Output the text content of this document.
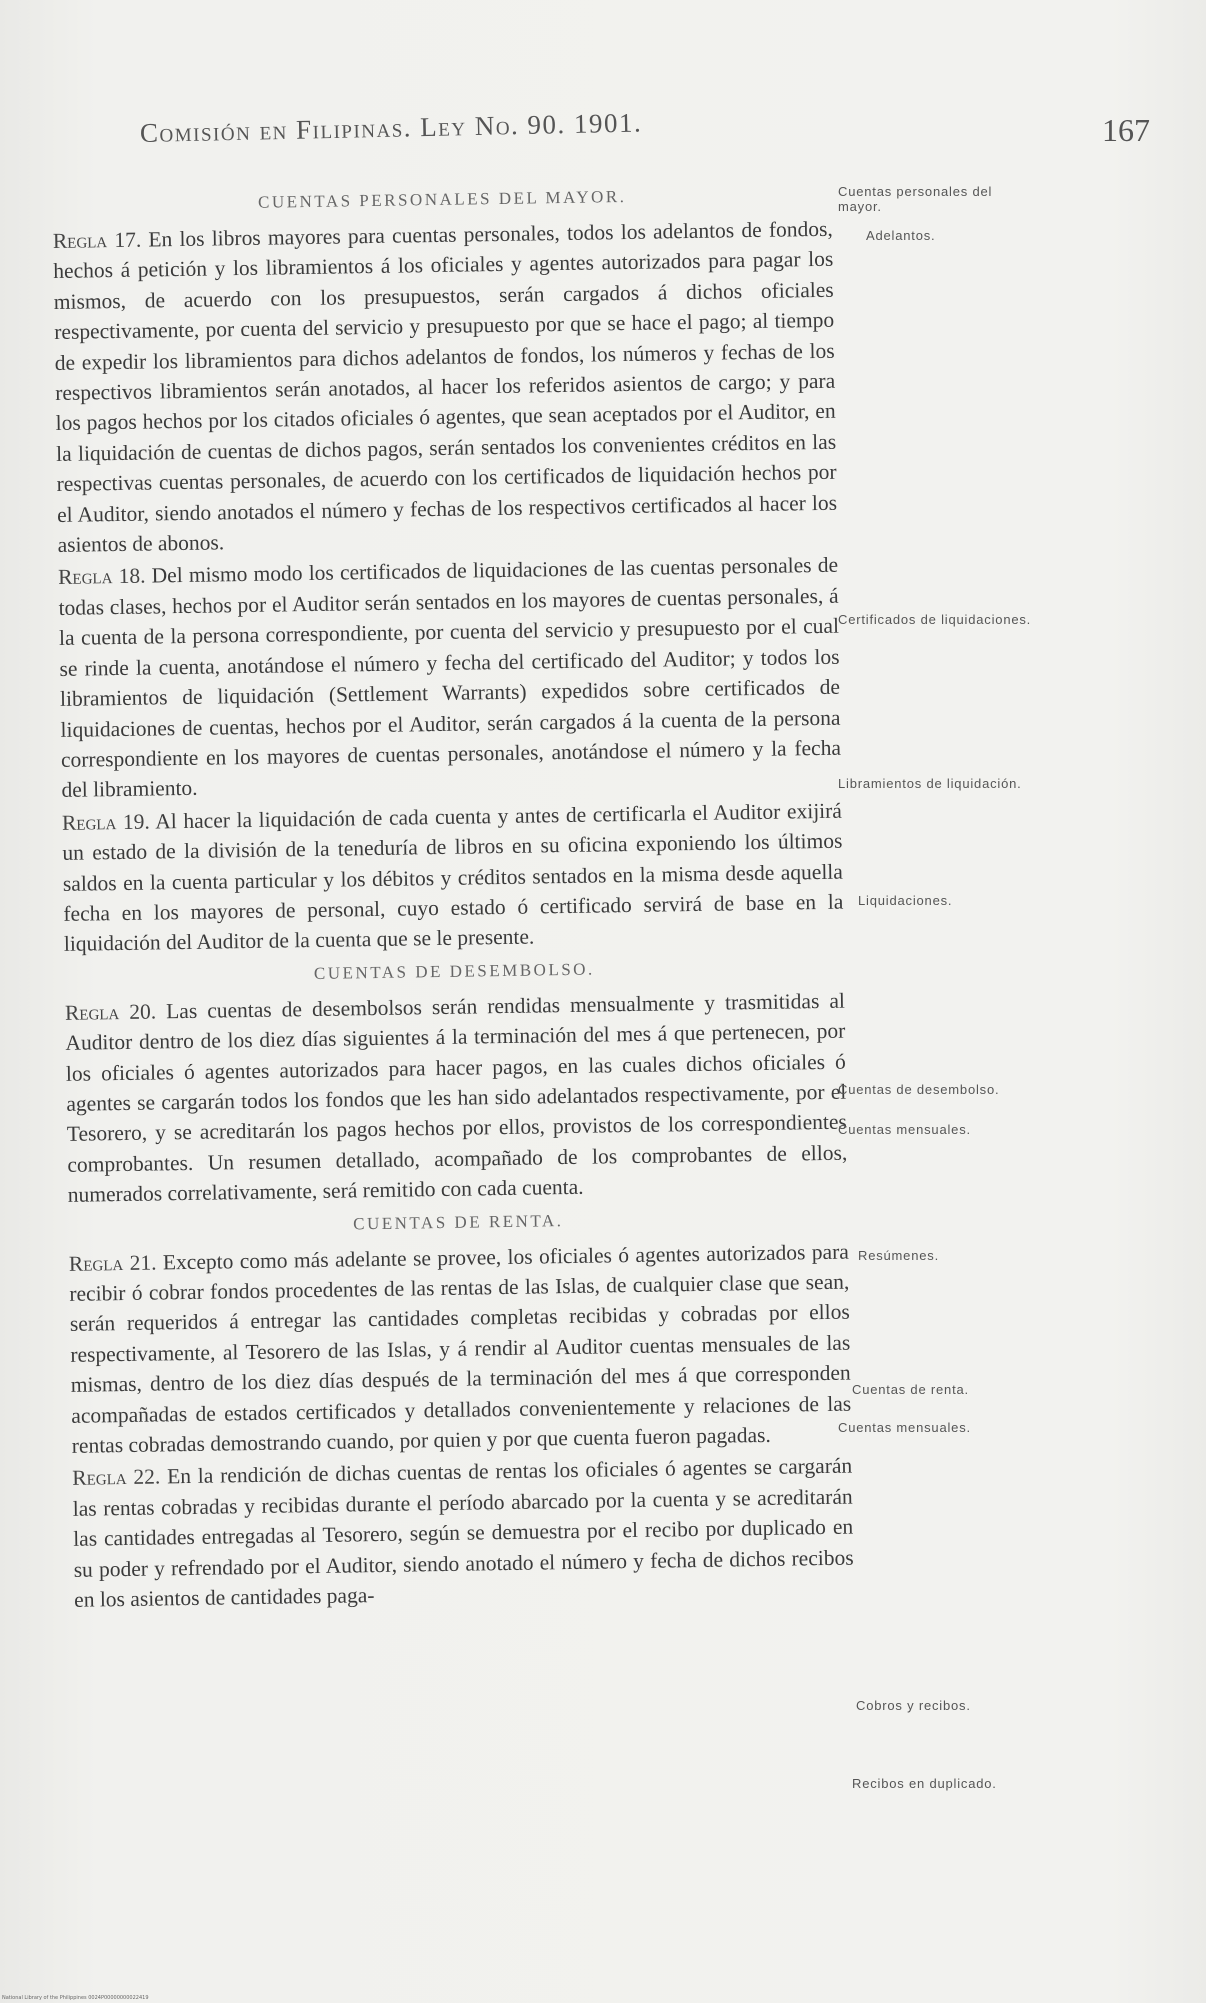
Comisión en Filipinas. Ley No. 90. 1901.	167
CUENTAS PERSONALES DEL MAYOR.

Regla 17. En los libros mayores para cuentas personales, todos los adelantos de fondos, hechos á petición y los libramientos á los oficiales y agentes autorizados para pagar los mismos, de acuerdo con los presupuestos, serán cargados á dichos oficiales respectivamente, por cuenta del servicio y presupuesto por que se hace el pago; al tiempo de expedir los libramientos para dichos adelantos de fondos, los números y fechas de los respectivos libramientos serán anotados, al hacer los referidos asientos de cargo; y para los pagos hechos por los citados oficiales ó agentes, que sean aceptados por el Auditor, en la liquidación de cuentas de dichos pagos, serán sentados los convenientes créditos en las respectivas cuentas personales, de acuerdo con los certificados de liquidación hechos por el Auditor, siendo anotados el número y fechas de los respectivos certificados al hacer los asientos de abonos.

Regla 18. Del mismo modo los certificados de liquidaciones de las cuentas personales de todas clases, hechos por el Auditor serán sentados en los mayores de cuentas personales, á la cuenta de la persona correspondiente, por cuenta del servicio y presupuesto por el cual se rinde la cuenta, anotándose el número y fecha del certificado del Auditor; y todos los libramientos de liquidación (Settlement Warrants) expedidos sobre certificados de liquidaciones de cuentas, hechos por el Auditor, serán cargados á la cuenta de la persona correspondiente en los mayores de cuentas personales, anotándose el número y la fecha del libramiento.

Regla 19. Al hacer la liquidación de cada cuenta y antes de certificarla el Auditor exijirá un estado de la división de la teneduría de libros en su oficina exponiendo los últimos saldos en la cuenta particular y los débitos y créditos sentados en la misma desde aquella fecha en los mayores de personal, cuyo estado ó certificado servirá de base en la liquidación del Auditor de la cuenta que se le presente.

CUENTAS DE DESEMBOLSO.

Regla 20. Las cuentas de desembolsos serán rendidas mensualmente y trasmitidas al Auditor dentro de los diez días siguientes á la terminación del mes á que pertenecen, por los oficiales ó agentes autorizados para hacer pagos, en las cuales dichos oficiales ó agentes se cargarán todos los fondos que les han sido adelantados respectivamente, por el Tesorero, y se acreditarán los pagos hechos por ellos, provistos de los correspondientes comprobantes. Un resumen detallado, acompañado de los comprobantes de ellos, numerados correlativamente, será remitido con cada cuenta.

CUENTAS DE RENTA.

Regla 21. Excepto como más adelante se provee, los oficiales ó agentes autorizados para recibir ó cobrar fondos procedentes de las rentas de las Islas, de cualquier clase que sean, serán requeridos á entregar las cantidades completas recibidas y cobradas por ellos respectivamente, al Tesorero de las Islas, y á rendir al Auditor cuentas mensuales de las mismas, dentro de los diez días después de la terminación del mes á que corresponden acompañadas de estados certificados y detallados convenientemente y relaciones de las rentas cobradas demostrando cuando, por quien y por que cuenta fueron pagadas.

Regla 22. En la rendición de dichas cuentas de rentas los oficiales ó agentes se cargarán las rentas cobradas y recibidas durante el período abarcado por la cuenta y se acreditarán las cantidades entregadas al Tesorero, según se demuestra por el recibo por duplicado en su poder y refrendado por el Auditor, siendo anotado el número y fecha de dichos recibos en los asientos de cantidades paga-

Cuentas personales del mayor.
Adelantos.
Certificados de liquidaciones.
Libramientos de liquidación.
Liquidaciones.
Cuentas de desembolso.
Cuentas mensuales.
Resúmenes.
Cuentas de renta.
Cuentas mensuales.
Cobros y recibos.
Recibos en duplicado.
National Library of the Philippines 0024P00000000022419
